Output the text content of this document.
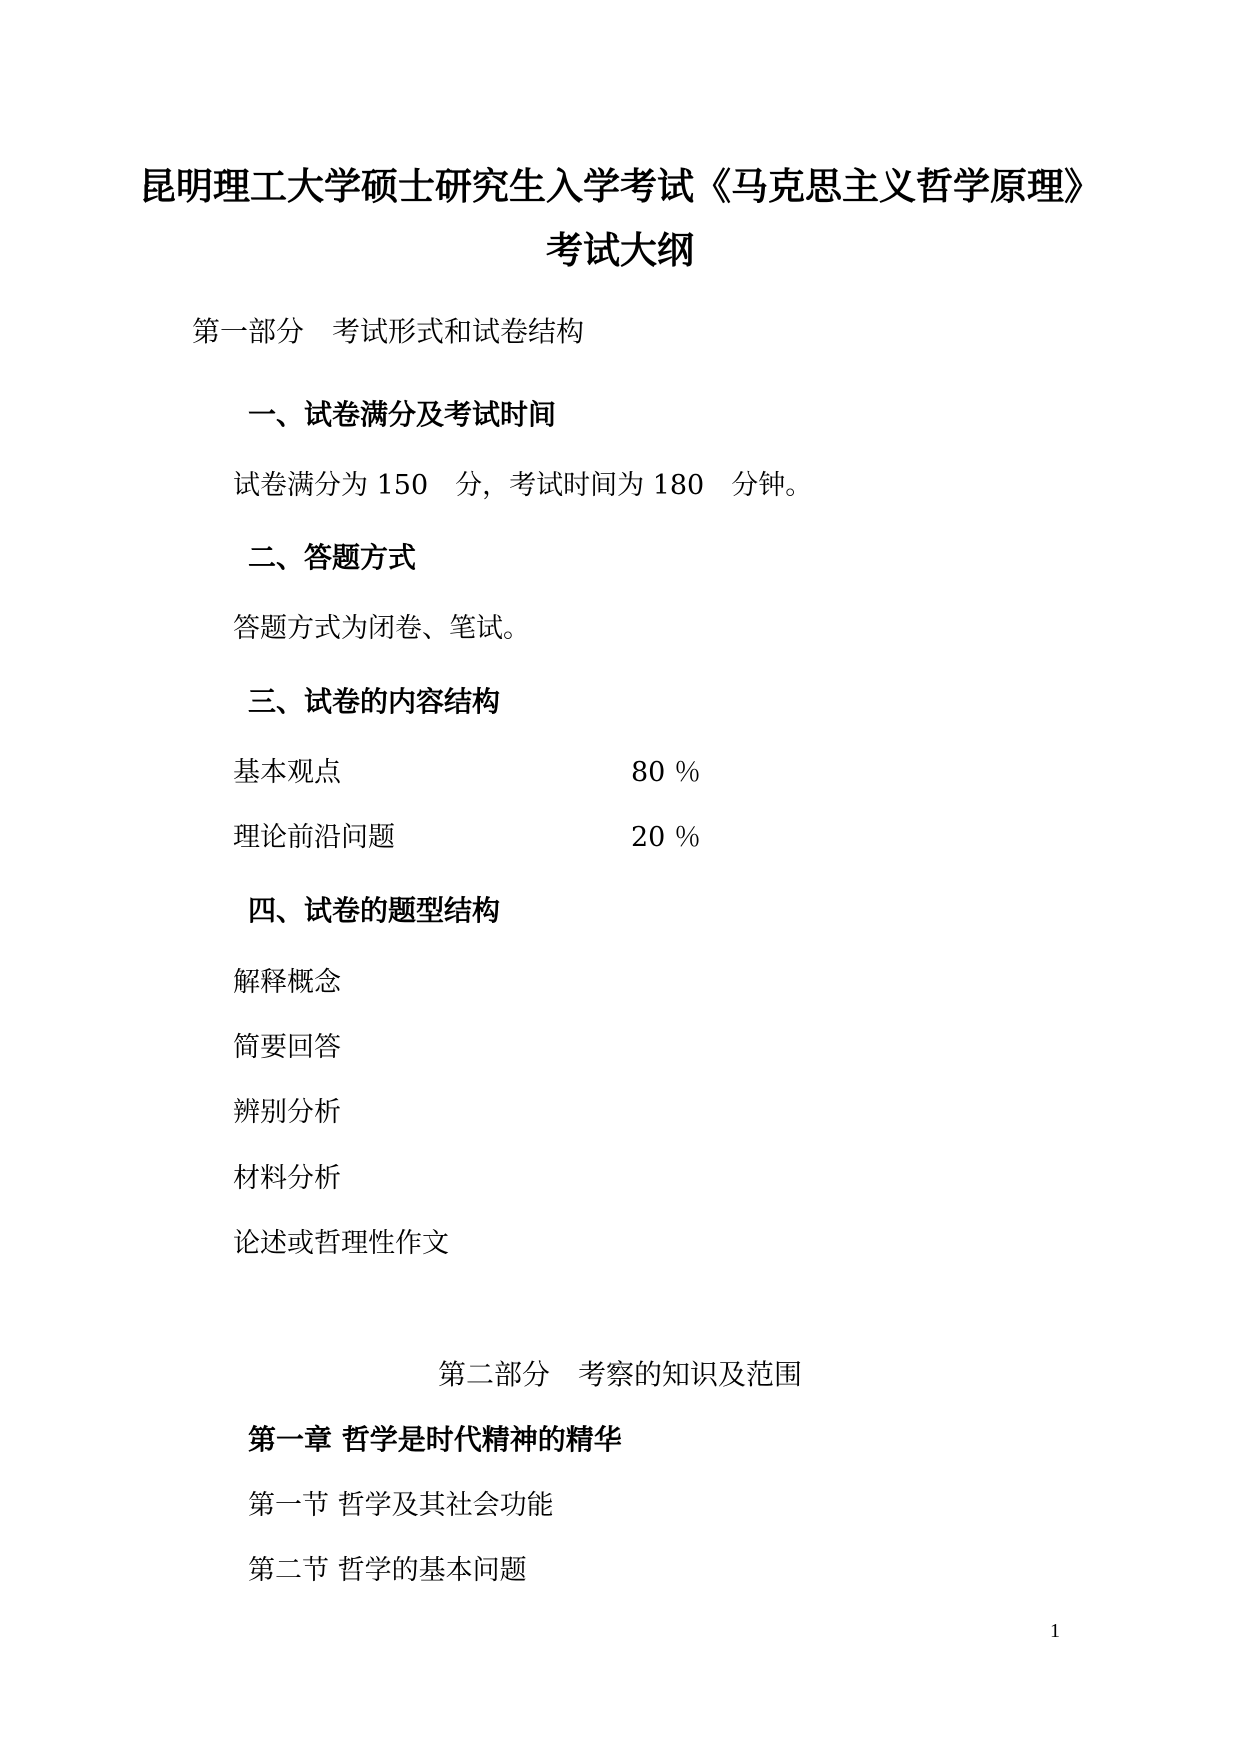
昆明理工大学硕士研究生入学考试《马克思主义哲学原理》
考试大纲
第一部分　考试形式和试卷结构
一、试卷满分及考试时间
试卷满分为 150　分，考试时间为 180　分钟。
二、答题方式
答题方式为闭卷、笔试。
三、试卷的内容结构
基本观点	80 ％
理论前沿问题	20 ％
四、试卷的题型结构
解释概念
简要回答
辨别分析
材料分析
论述或哲理性作文
第二部分　考察的知识及范围
第一章 哲学是时代精神的精华
第一节 哲学及其社会功能
第二节 哲学的基本问题
1
